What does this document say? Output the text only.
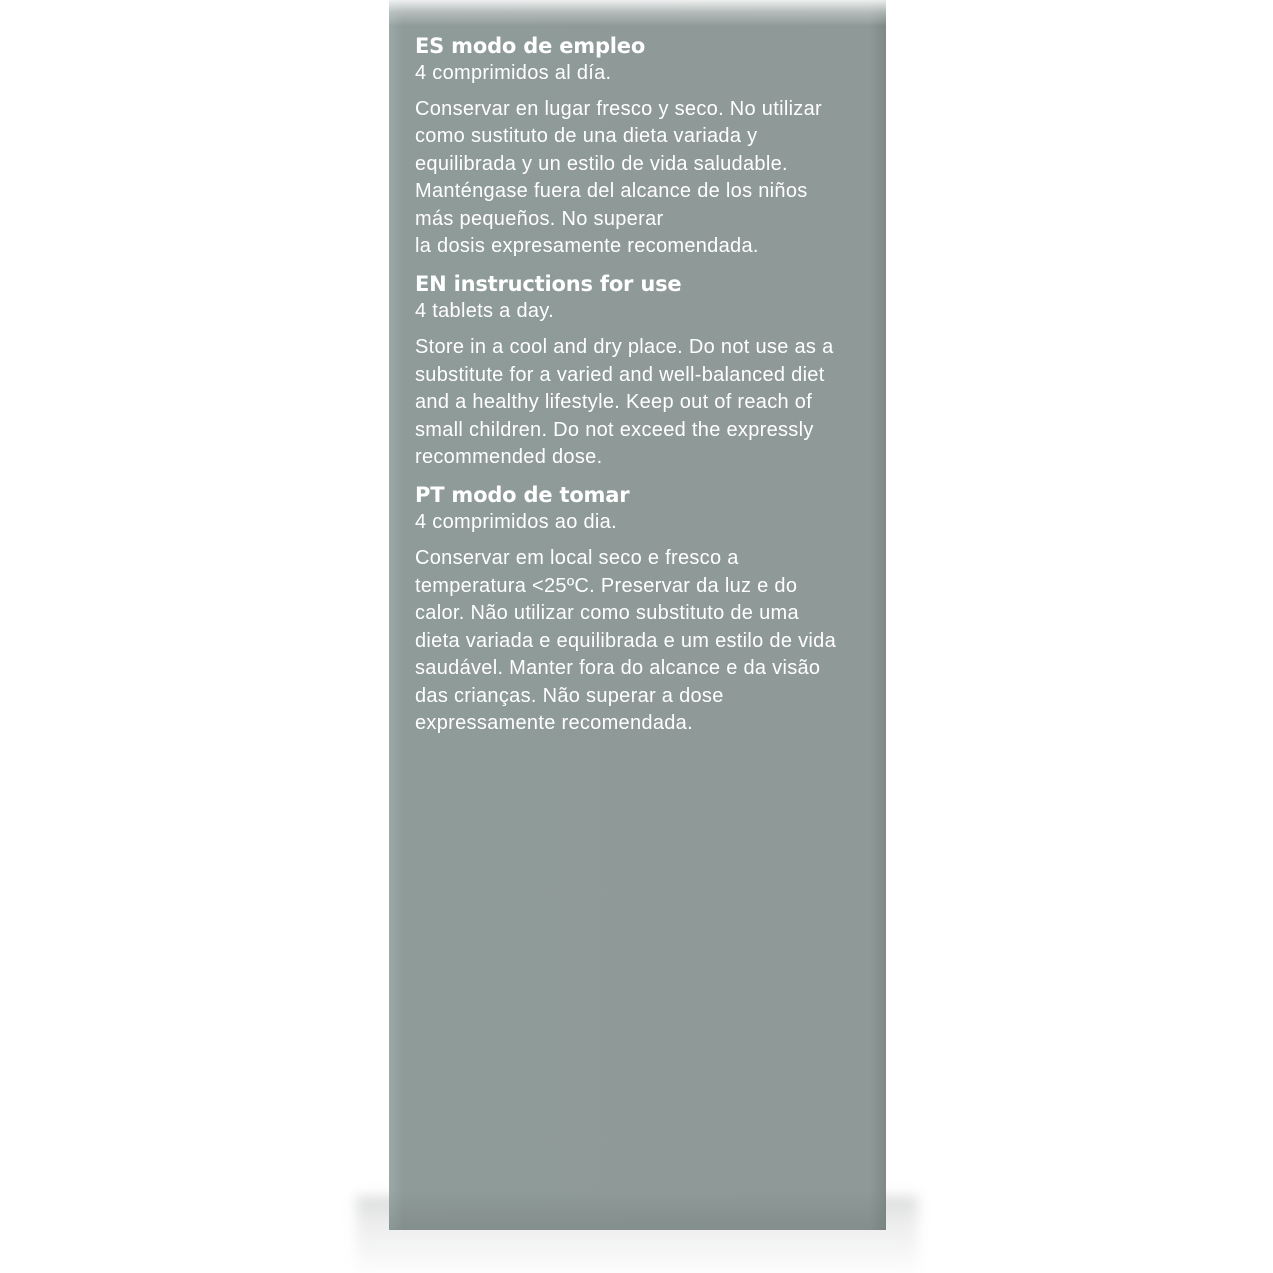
ES modo de empleo

4 comprimidos al día.

Conservar en lugar fresco y seco. No utilizar
como sustituto de una dieta variada y
equilibrada y un estilo de vida saludable.
Manténgase fuera del alcance de los niños
más pequeños. No superar
la dosis expresamente recomendada.

EN instructions for use

4 tablets a day.

Store in a cool and dry place. Do not use as a
substitute for a varied and well-balanced diet
and a healthy lifestyle. Keep out of reach of
small children. Do not exceed the expressly
recommended dose.

PT modo de tomar

4 comprimidos ao dia.

Conservar em local seco e fresco a
temperatura <25ºC. Preservar da luz e do
calor. Não utilizar como substituto de uma
dieta variada e equilibrada e um estilo de vida
saudável. Manter fora do alcance e da visão
das crianças. Não superar a dose
expressamente recomendada.
